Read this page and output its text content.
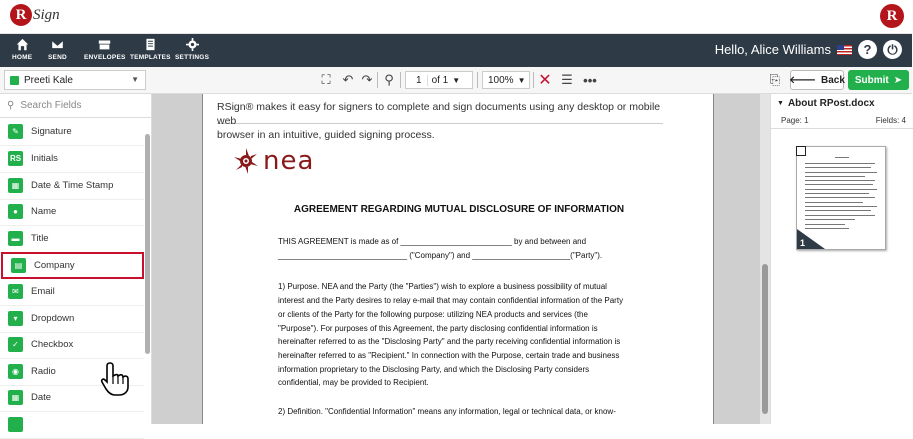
R Sign	R
HOME SEND	ENVELOPES TEMPLATES SETTINGS
Hello, Alice Williams	?	⏻
Preeti Kale	▼	⛶ ↶ ↷ ⚲	1	of 1 ▼	100% ▼ ✕ ☰ •••	⎘ 🡐 Back Submit ➤
⚲ Search Fields
✎	Signature
RS Initials
▦	Date & Time Stamp
●	Name
▬	Title
▤	Company
✉	Email
▾	Dropdown
✓	Checkbox
◉	Radio
▦	Date
RSign® makes it easy for signers to complete and sign documents using any desktop or mobile web
browser in an intuitive, guided signing process.
nea
AGREEMENT REGARDING MUTUAL DISCLOSURE OF INFORMATION
THIS AGREEMENT is made as of _________________________ by and between and
_____________________________ ("Company") and ______________________("Party").
1) Purpose. NEA and the Party (the "Parties") wish to explore a business possibility of mutual
interest and the Party desires to relay e-mail that may contain confidential information of the Party
or clients of the Party for the following purpose: utilizing NEA products and services (the
"Purpose"). For purposes of this Agreement, the party disclosing confidential information is
hereinafter referred to as the "Disclosing Party" and the party receiving confidential information is
hereinafter referred to as "Recipient." In connection with the Purpose, certain trade and business
information proprietary to the Disclosing Party, and which the Disclosing Party considers
confidential, may be provided to Recipient.
2) Definition. "Confidential Information" means any information, legal or technical data, or know-
▼ About RPost.docx
Page: 1	Fields: 4
1
